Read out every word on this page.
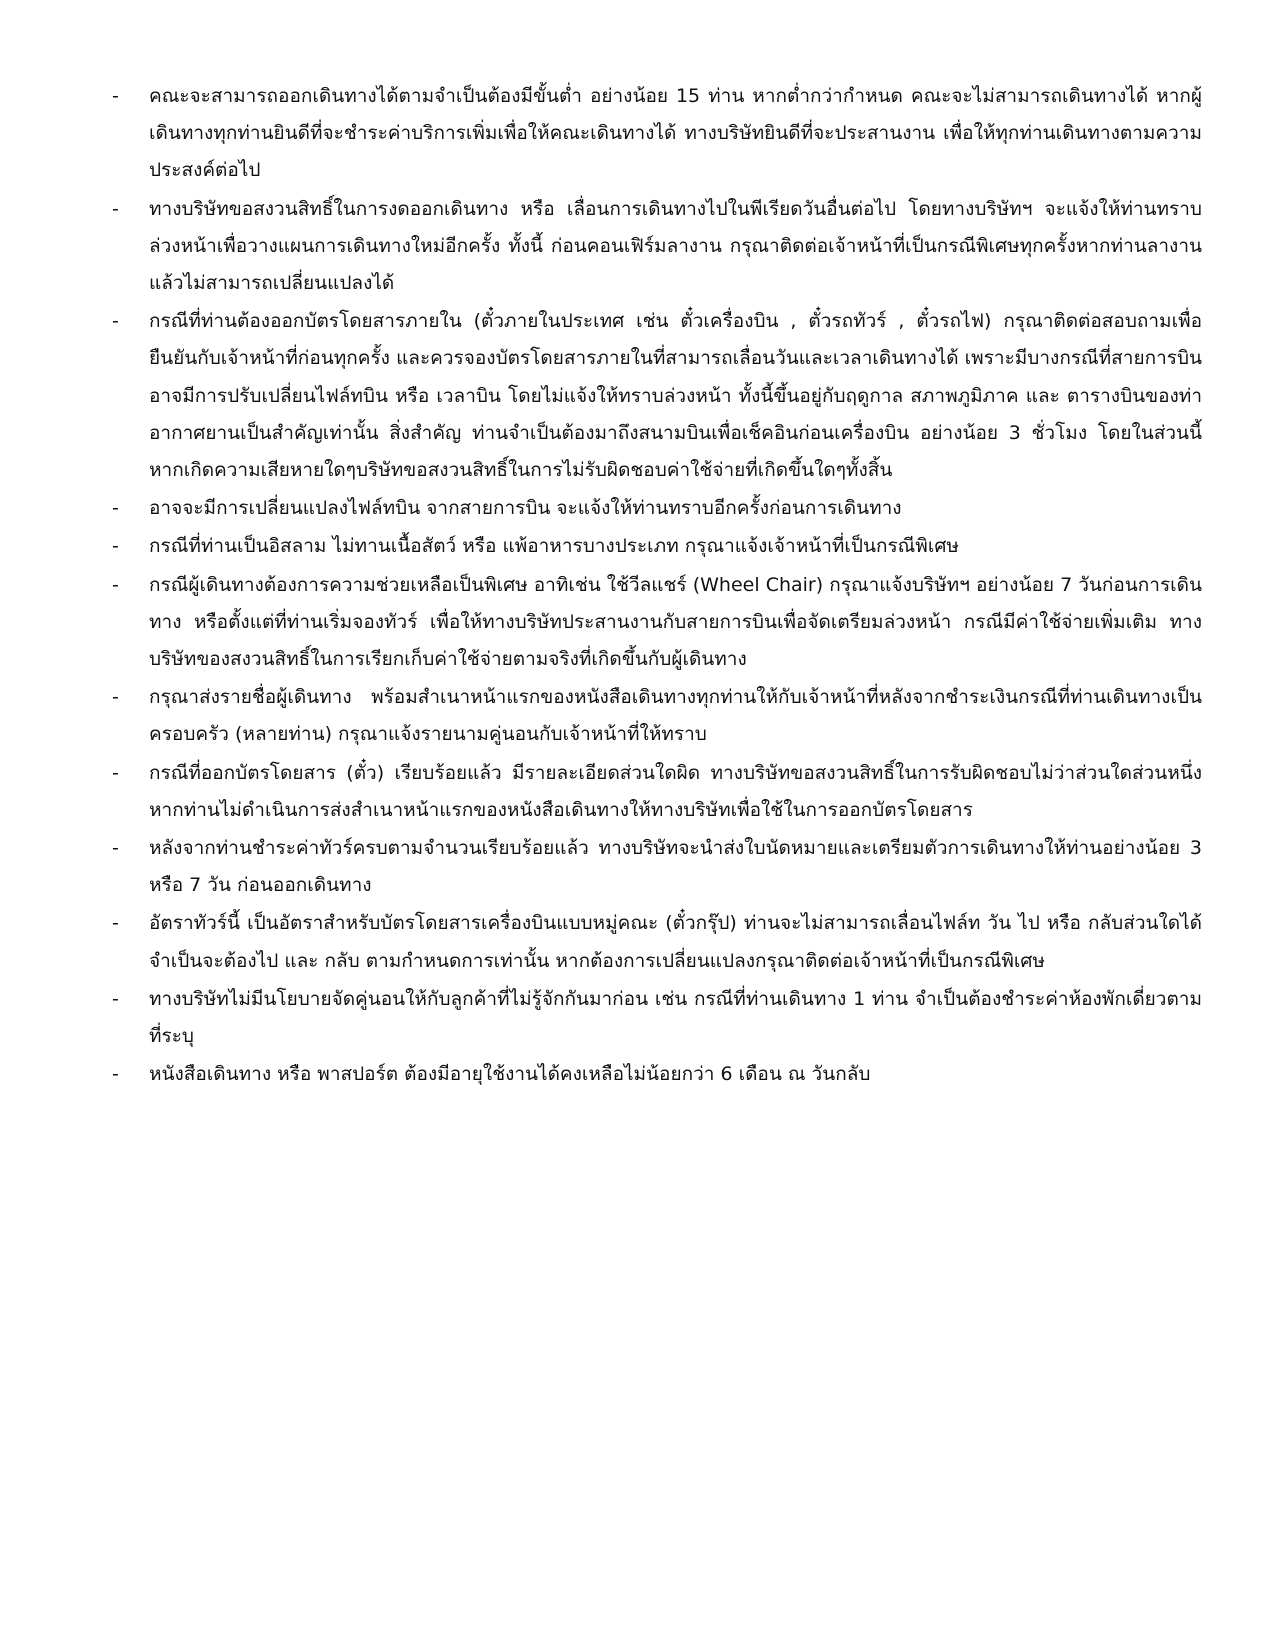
-	คณะจะสามารถออกเดินทางได้ตามจำเป็นต้องมีขั้นต่ำ อย่างน้อย 15 ท่าน หากต่ำกว่ากำหนด คณะจะไม่สามารถเดินทางได้ หากผู้เดินทางทุกท่านยินดีที่จะชำระค่าบริการเพิ่มเพื่อให้คณะเดินทางได้ ทางบริษัทยินดีที่จะประสานงาน เพื่อให้ทุกท่านเดินทางตามความประสงค์ต่อไป
-	ทางบริษัทขอสงวนสิทธิ์ในการงดออกเดินทาง หรือ เลื่อนการเดินทางไปในพีเรียดวันอื่นต่อไป โดยทางบริษัทฯ จะแจ้งให้ท่านทราบล่วงหน้าเพื่อวางแผนการเดินทางใหม่อีกครั้ง ทั้งนี้ ก่อนคอนเฟิร์มลางาน กรุณาติดต่อเจ้าหน้าที่เป็นกรณีพิเศษทุกครั้งหากท่านลางานแล้วไม่สามารถเปลี่ยนแปลงได้
-	กรณีที่ท่านต้องออกบัตรโดยสารภายใน (ตั๋วภายในประเทศ เช่น ตั๋วเครื่องบิน , ตั๋วรถทัวร์ , ตั๋วรถไฟ) กรุณาติดต่อสอบถามเพื่อยืนยันกับเจ้าหน้าที่ก่อนทุกครั้ง และควรจองบัตรโดยสารภายในที่สามารถเลื่อนวันและเวลาเดินทางได้ เพราะมีบางกรณีที่สายการบินอาจมีการปรับเปลี่ยนไฟล์ทบิน หรือ เวลาบิน โดยไม่แจ้งให้ทราบล่วงหน้า ทั้งนี้ขึ้นอยู่กับฤดูกาล สภาพภูมิภาค และ ตารางบินของท่าอากาศยานเป็นสำคัญเท่านั้น สิ่งสำคัญ ท่านจำเป็นต้องมาถึงสนามบินเพื่อเช็คอินก่อนเครื่องบิน อย่างน้อย 3 ชั่วโมง โดยในส่วนนี้หากเกิดความเสียหายใดๆบริษัทขอสงวนสิทธิ์ในการไม่รับผิดชอบค่าใช้จ่ายที่เกิดขึ้นใดๆทั้งสิ้น
-	อาจจะมีการเปลี่ยนแปลงไฟล์ทบิน จากสายการบิน จะแจ้งให้ท่านทราบอีกครั้งก่อนการเดินทาง
-	กรณีที่ท่านเป็นอิสลาม ไม่ทานเนื้อสัตว์ หรือ แพ้อาหารบางประเภท กรุณาแจ้งเจ้าหน้าที่เป็นกรณีพิเศษ
-	กรณีผู้เดินทางต้องการความช่วยเหลือเป็นพิเศษ อาทิเช่น ใช้วีลแชร์ (Wheel Chair) กรุณาแจ้งบริษัทฯ อย่างน้อย 7 วันก่อนการเดินทาง หรือตั้งแต่ที่ท่านเริ่มจองทัวร์ เพื่อให้ทางบริษัทประสานงานกับสายการบินเพื่อจัดเตรียมล่วงหน้า กรณีมีค่าใช้จ่ายเพิ่มเติม ทางบริษัทของสงวนสิทธิ์ในการเรียกเก็บค่าใช้จ่ายตามจริงที่เกิดขึ้นกับผู้เดินทาง
-	กรุณาส่งรายชื่อผู้เดินทาง พร้อมสำเนาหน้าแรกของหนังสือเดินทางทุกท่านให้กับเจ้าหน้าที่หลังจากชำระเงินกรณีที่ท่านเดินทางเป็นครอบครัว (หลายท่าน) กรุณาแจ้งรายนามคู่นอนกับเจ้าหน้าที่ให้ทราบ
-	กรณีที่ออกบัตรโดยสาร (ตั๋ว) เรียบร้อยแล้ว มีรายละเอียดส่วนใดผิด ทางบริษัทขอสงวนสิทธิ์ในการรับผิดชอบไม่ว่าส่วนใดส่วนหนึ่ง หากท่านไม่ดำเนินการส่งสำเนาหน้าแรกของหนังสือเดินทางให้ทางบริษัทเพื่อใช้ในการออกบัตรโดยสาร
-	หลังจากท่านชำระค่าทัวร์ครบตามจำนวนเรียบร้อยแล้ว ทางบริษัทจะนำส่งใบนัดหมายและเตรียมตัวการเดินทางให้ท่านอย่างน้อย 3 หรือ 7 วัน ก่อนออกเดินทาง
-	อัตราทัวร์นี้ เป็นอัตราสำหรับบัตรโดยสารเครื่องบินแบบหมู่คณะ (ตั๋วกรุ๊ป) ท่านจะไม่สามารถเลื่อนไฟล์ท วัน ไป หรือ กลับส่วนใดได้ จำเป็นจะต้องไป และ กลับ ตามกำหนดการเท่านั้น หากต้องการเปลี่ยนแปลงกรุณาติดต่อเจ้าหน้าที่เป็นกรณีพิเศษ
-	ทางบริษัทไม่มีนโยบายจัดคู่นอนให้กับลูกค้าที่ไม่รู้จักกันมาก่อน เช่น กรณีที่ท่านเดินทาง 1 ท่าน จำเป็นต้องชำระค่าห้องพักเดี่ยวตามที่ระบุ
-	หนังสือเดินทาง หรือ พาสปอร์ต ต้องมีอายุใช้งานได้คงเหลือไม่น้อยกว่า 6 เดือน ณ วันกลับ
